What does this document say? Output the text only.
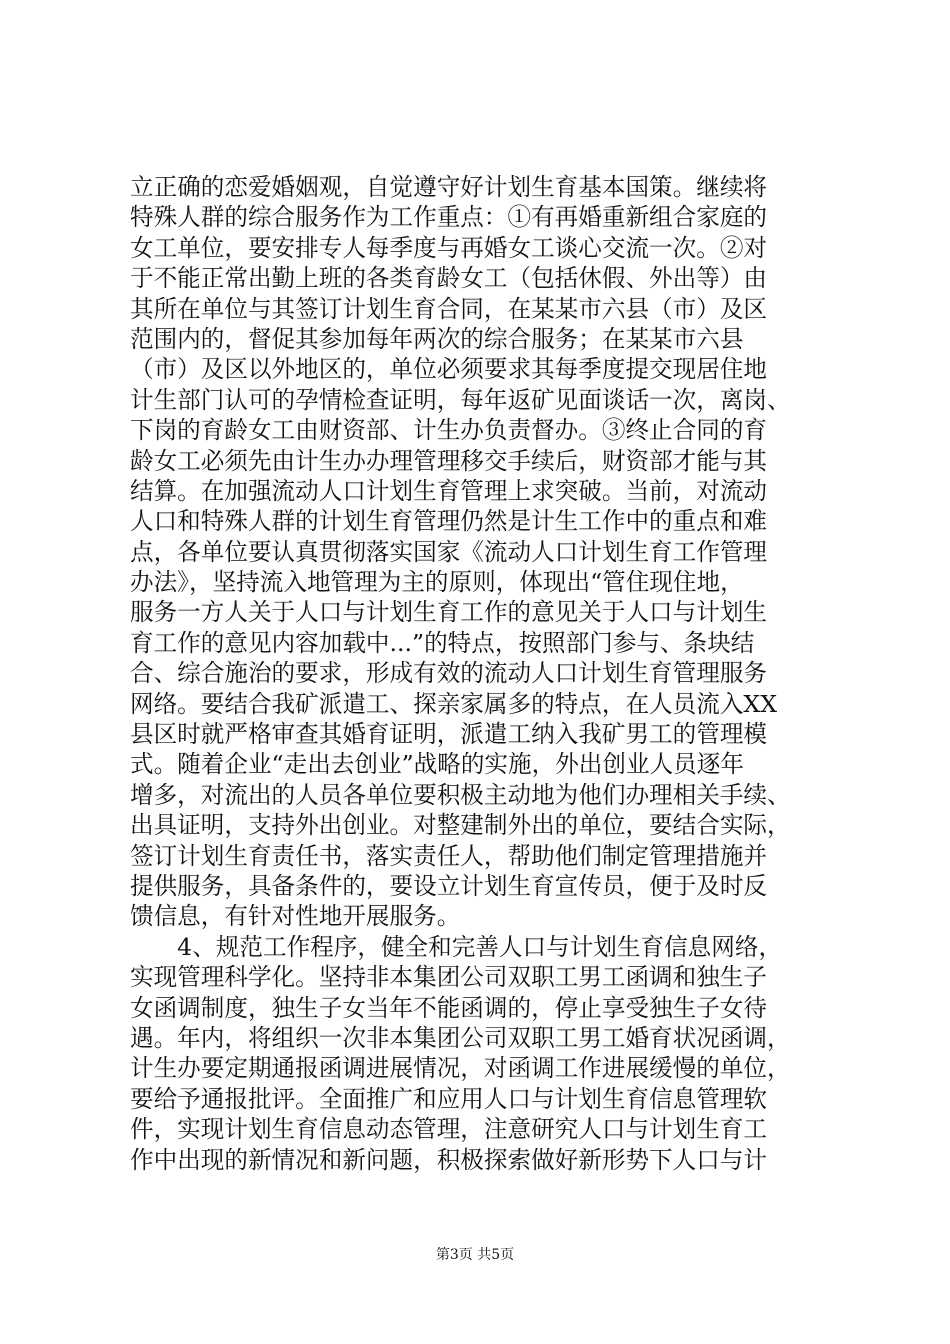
立正确的恋爱婚姻观，自觉遵守好计划生育基本国策。继续将
特殊人群的综合服务作为工作重点：①有再婚重新组合家庭的
女工单位，要安排专人每季度与再婚女工谈心交流一次。②对
于不能正常出勤上班的各类育龄女工（包括休假、外出等）由
其所在单位与其签订计划生育合同，在某某市六县（市）及区
范围内的，督促其参加每年两次的综合服务；在某某市六县
（市）及区以外地区的，单位必须要求其每季度提交现居住地
计生部门认可的孕情检查证明，每年返矿见面谈话一次，离岗、
下岗的育龄女工由财资部、计生办负责督办。③终止合同的育
龄女工必须先由计生办办理管理移交手续后，财资部才能与其
结算。在加强流动人口计划生育管理上求突破。当前，对流动
人口和特殊人群的计划生育管理仍然是计生工作中的重点和难
点，各单位要认真贯彻落实国家《流动人口计划生育工作管理
办法》，坚持流入地管理为主的原则，体现出“管住现住地，
服务一方人关于人口与计划生育工作的意见关于人口与计划生
育工作的意见内容加载中...”的特点，按照部门参与、条块结
合、综合施治的要求，形成有效的流动人口计划生育管理服务
网络。要结合我矿派遣工、探亲家属多的特点，在人员流入XX
县区时就严格审查其婚育证明，派遣工纳入我矿男工的管理模
式。随着企业“走出去创业”战略的实施，外出创业人员逐年
增多，对流出的人员各单位要积极主动地为他们办理相关手续、
出具证明，支持外出创业。对整建制外出的单位，要结合实际，
签订计划生育责任书，落实责任人，帮助他们制定管理措施并
提供服务，具备条件的，要设立计划生育宣传员，便于及时反
馈信息，有针对性地开展服务。
　　4、规范工作程序，健全和完善人口与计划生育信息网络，
实现管理科学化。坚持非本集团公司双职工男工函调和独生子
女函调制度，独生子女当年不能函调的，停止享受独生子女待
遇。年内，将组织一次非本集团公司双职工男工婚育状况函调，
计生办要定期通报函调进展情况，对函调工作进展缓慢的单位，
要给予通报批评。全面推广和应用人口与计划生育信息管理软
件，实现计划生育信息动态管理，注意研究人口与计划生育工
作中出现的新情况和新问题，积极探索做好新形势下人口与计
第3页 共5页
